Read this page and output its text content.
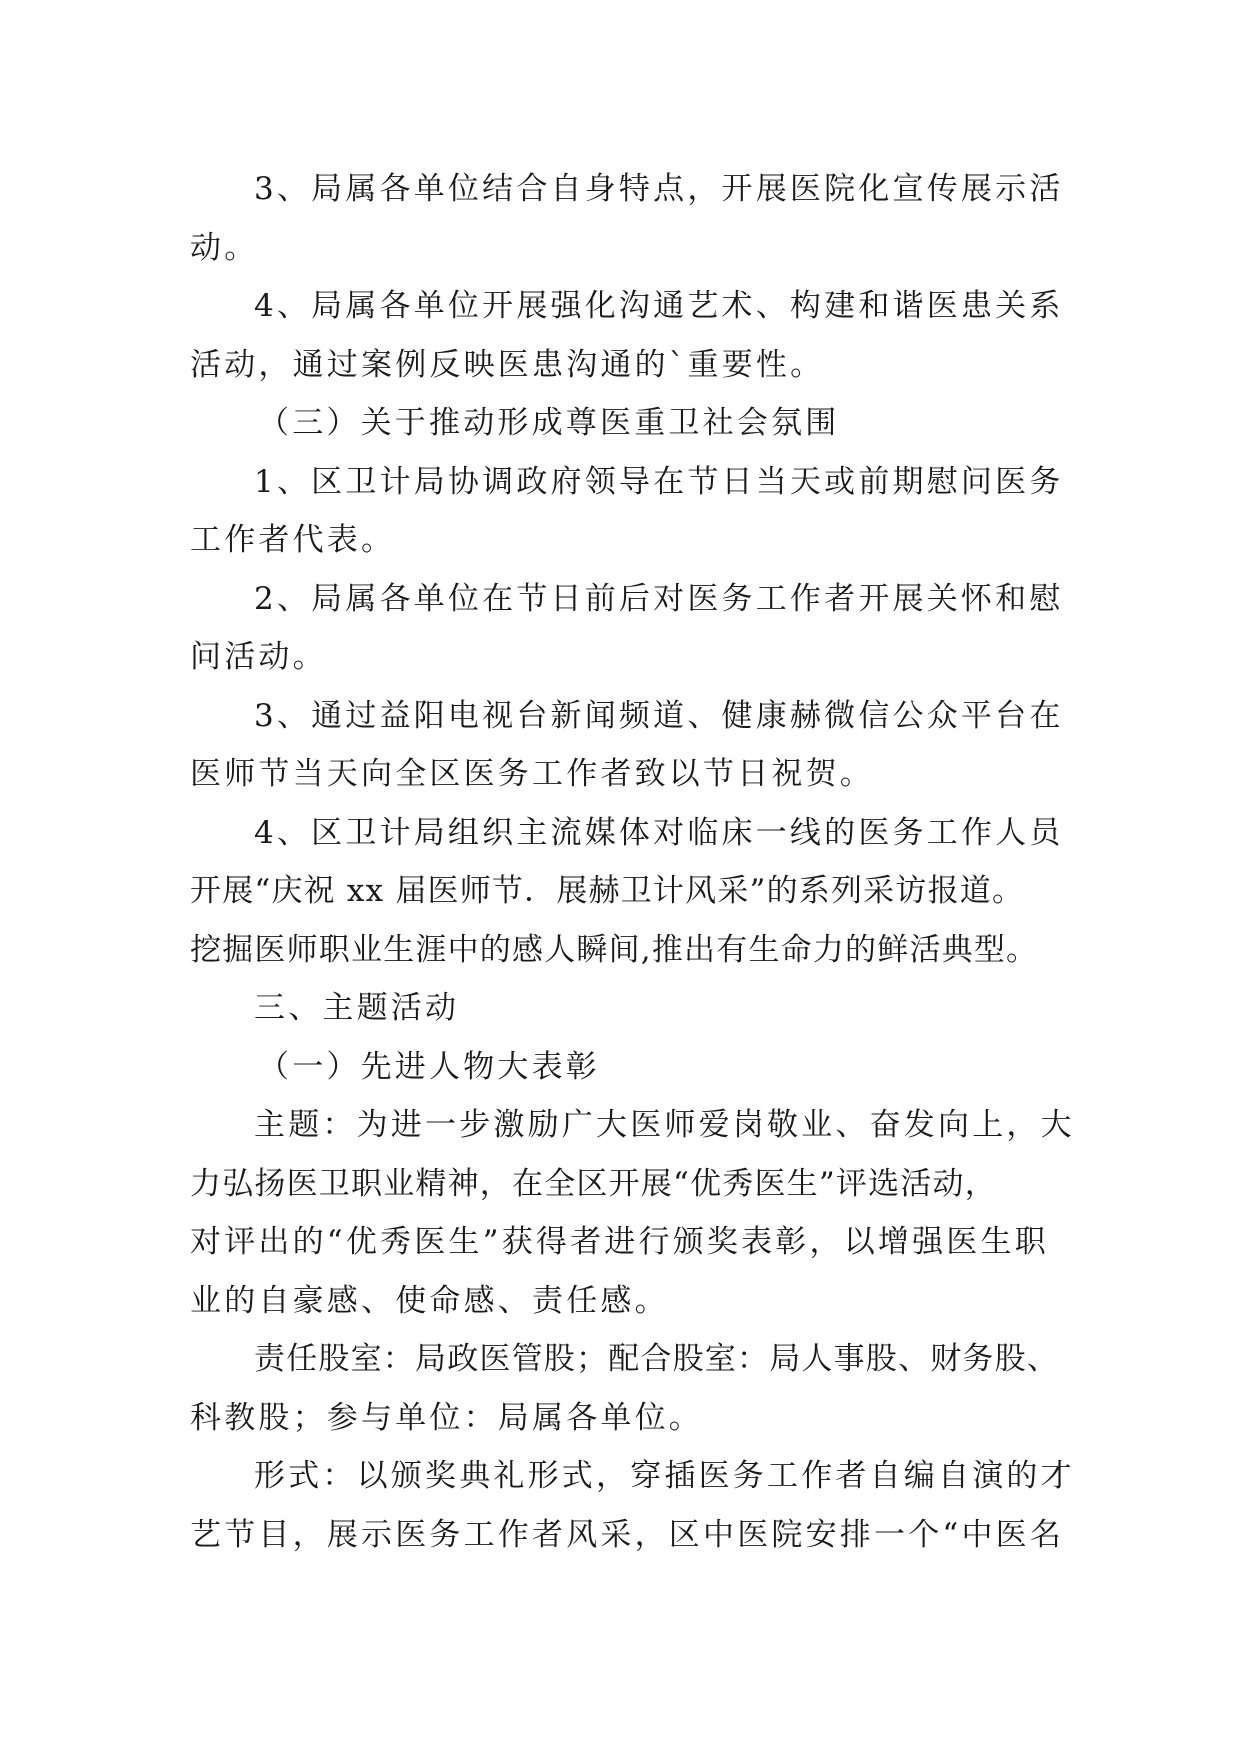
3、局属各单位结合自身特点，开展医院化宣传展示活
动。
4、局属各单位开展强化沟通艺术、构建和谐医患关系
活动，通过案例反映医患沟通的`重要性。
（三）关于推动形成尊医重卫社会氛围
1、区卫计局协调政府领导在节日当天或前期慰问医务
工作者代表。
2、局属各单位在节日前后对医务工作者开展关怀和慰
问活动。
3、通过益阳电视台新闻频道、健康赫微信公众平台在
医师节当天向全区医务工作者致以节日祝贺。
4、区卫计局组织主流媒体对临床一线的医务工作人员
开展“庆祝 xx 届医师节．展赫卫计风采”的系列采访报道。
挖掘医师职业生涯中的感人瞬间,推出有生命力的鲜活典型。
三、主题活动
（一）先进人物大表彰
主题：为进一步激励广大医师爱岗敬业、奋发向上，大
力弘扬医卫职业精神，在全区开展“优秀医生”评选活动，
对评出的“优秀医生”获得者进行颁奖表彰，以增强医生职
业的自豪感、使命感、责任感。
责任股室：局政医管股；配合股室：局人事股、财务股、
科教股；参与单位：局属各单位。
形式：以颁奖典礼形式，穿插医务工作者自编自演的才
艺节目，展示医务工作者风采，区中医院安排一个“中医名
